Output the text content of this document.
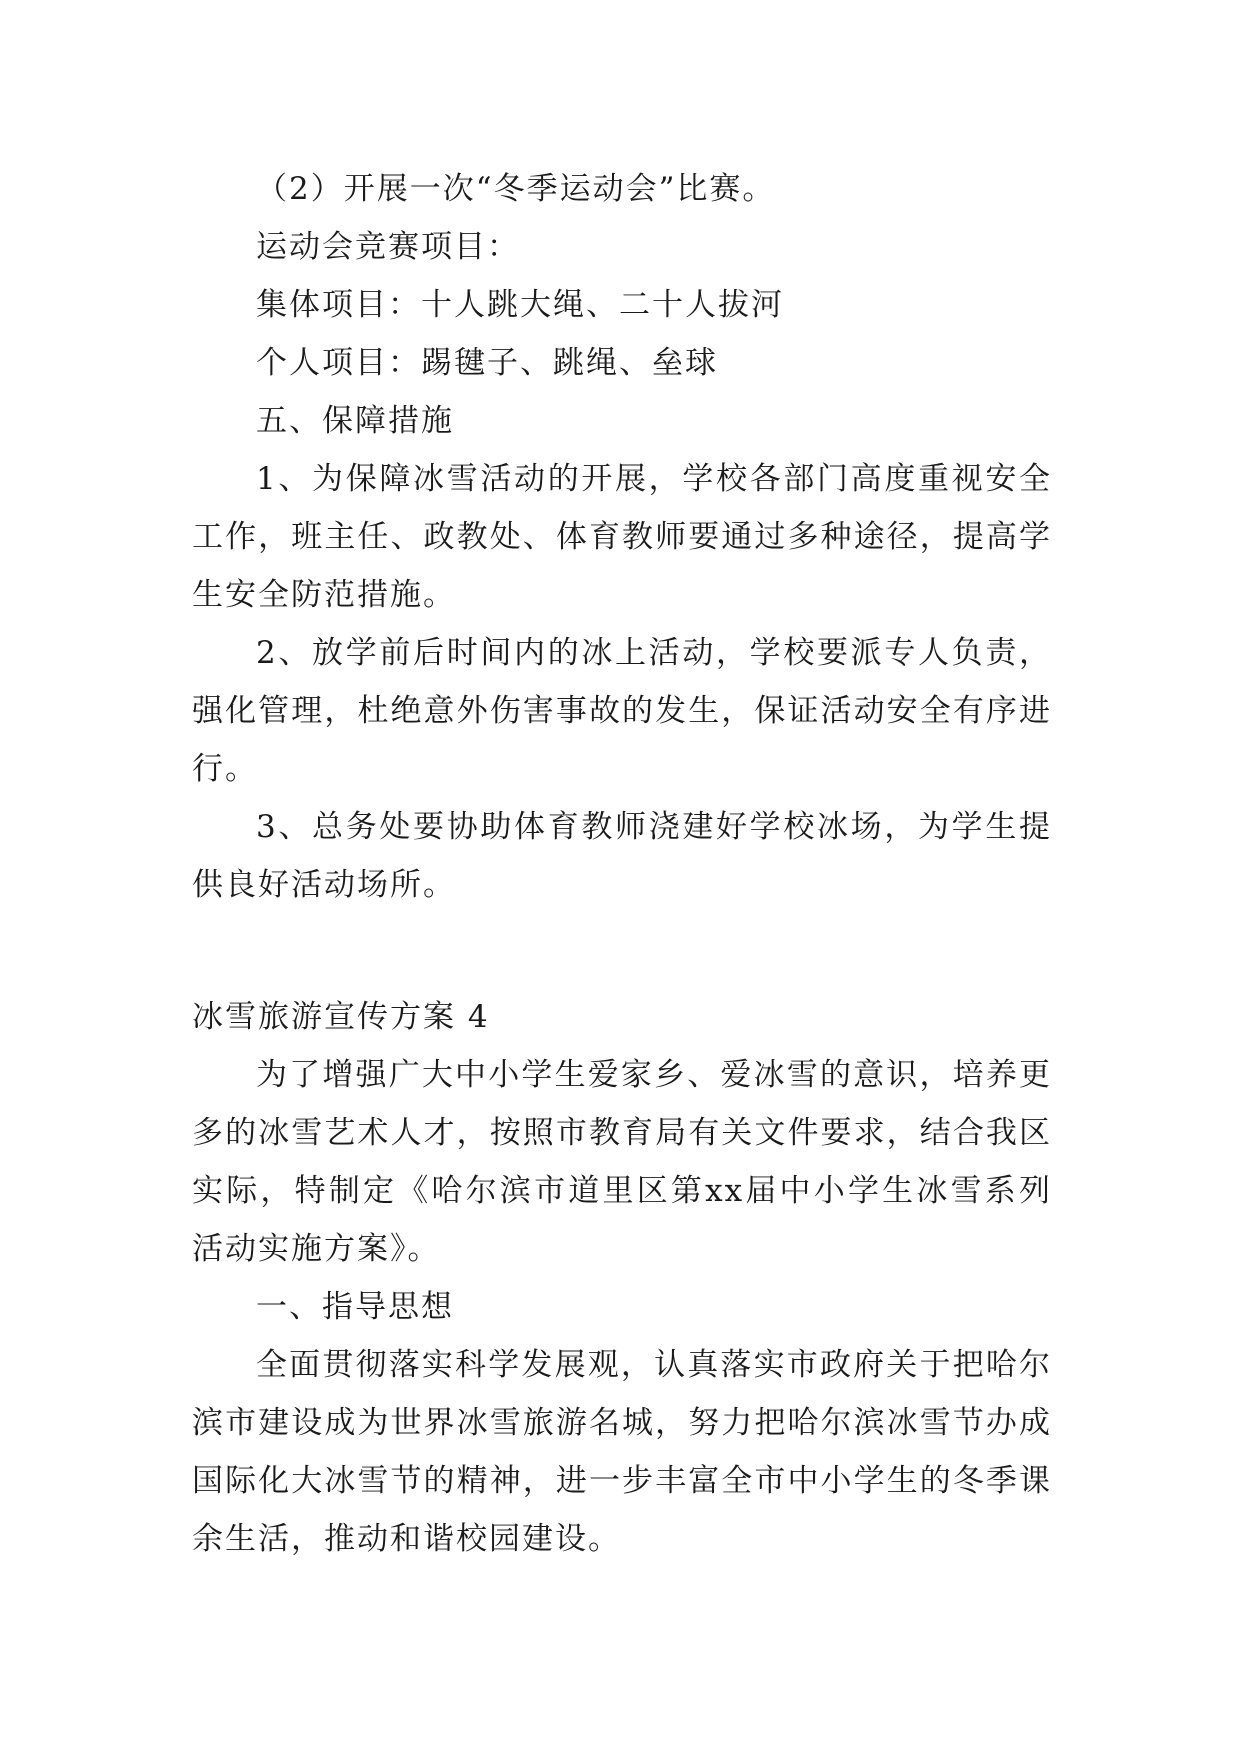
（2）开展一次“冬季运动会”比赛。

运动会竞赛项目：

集体项目：十人跳大绳、二十人拔河

个人项目：踢毽子、跳绳、垒球

五、保障措施

1、为保障冰雪活动的开展，学校各部门高度重视安全工作，班主任、政教处、体育教师要通过多种途径，提高学生安全防范措施。

2、放学前后时间内的冰上活动，学校要派专人负责，强化管理，杜绝意外伤害事故的发生，保证活动安全有序进行。

3、总务处要协助体育教师浇建好学校冰场，为学生提供良好活动场所。

冰雪旅游宣传方案 4

为了增强广大中小学生爱家乡、爱冰雪的意识，培养更多的冰雪艺术人才，按照市教育局有关文件要求，结合我区实际，特制定《哈尔滨市道里区第xx届中小学生冰雪系列活动实施方案》。

一、指导思想

全面贯彻落实科学发展观，认真落实市政府关于把哈尔滨市建设成为世界冰雪旅游名城，努力把哈尔滨冰雪节办成国际化大冰雪节的精神，进一步丰富全市中小学生的冬季课余生活，推动和谐校园建设。
